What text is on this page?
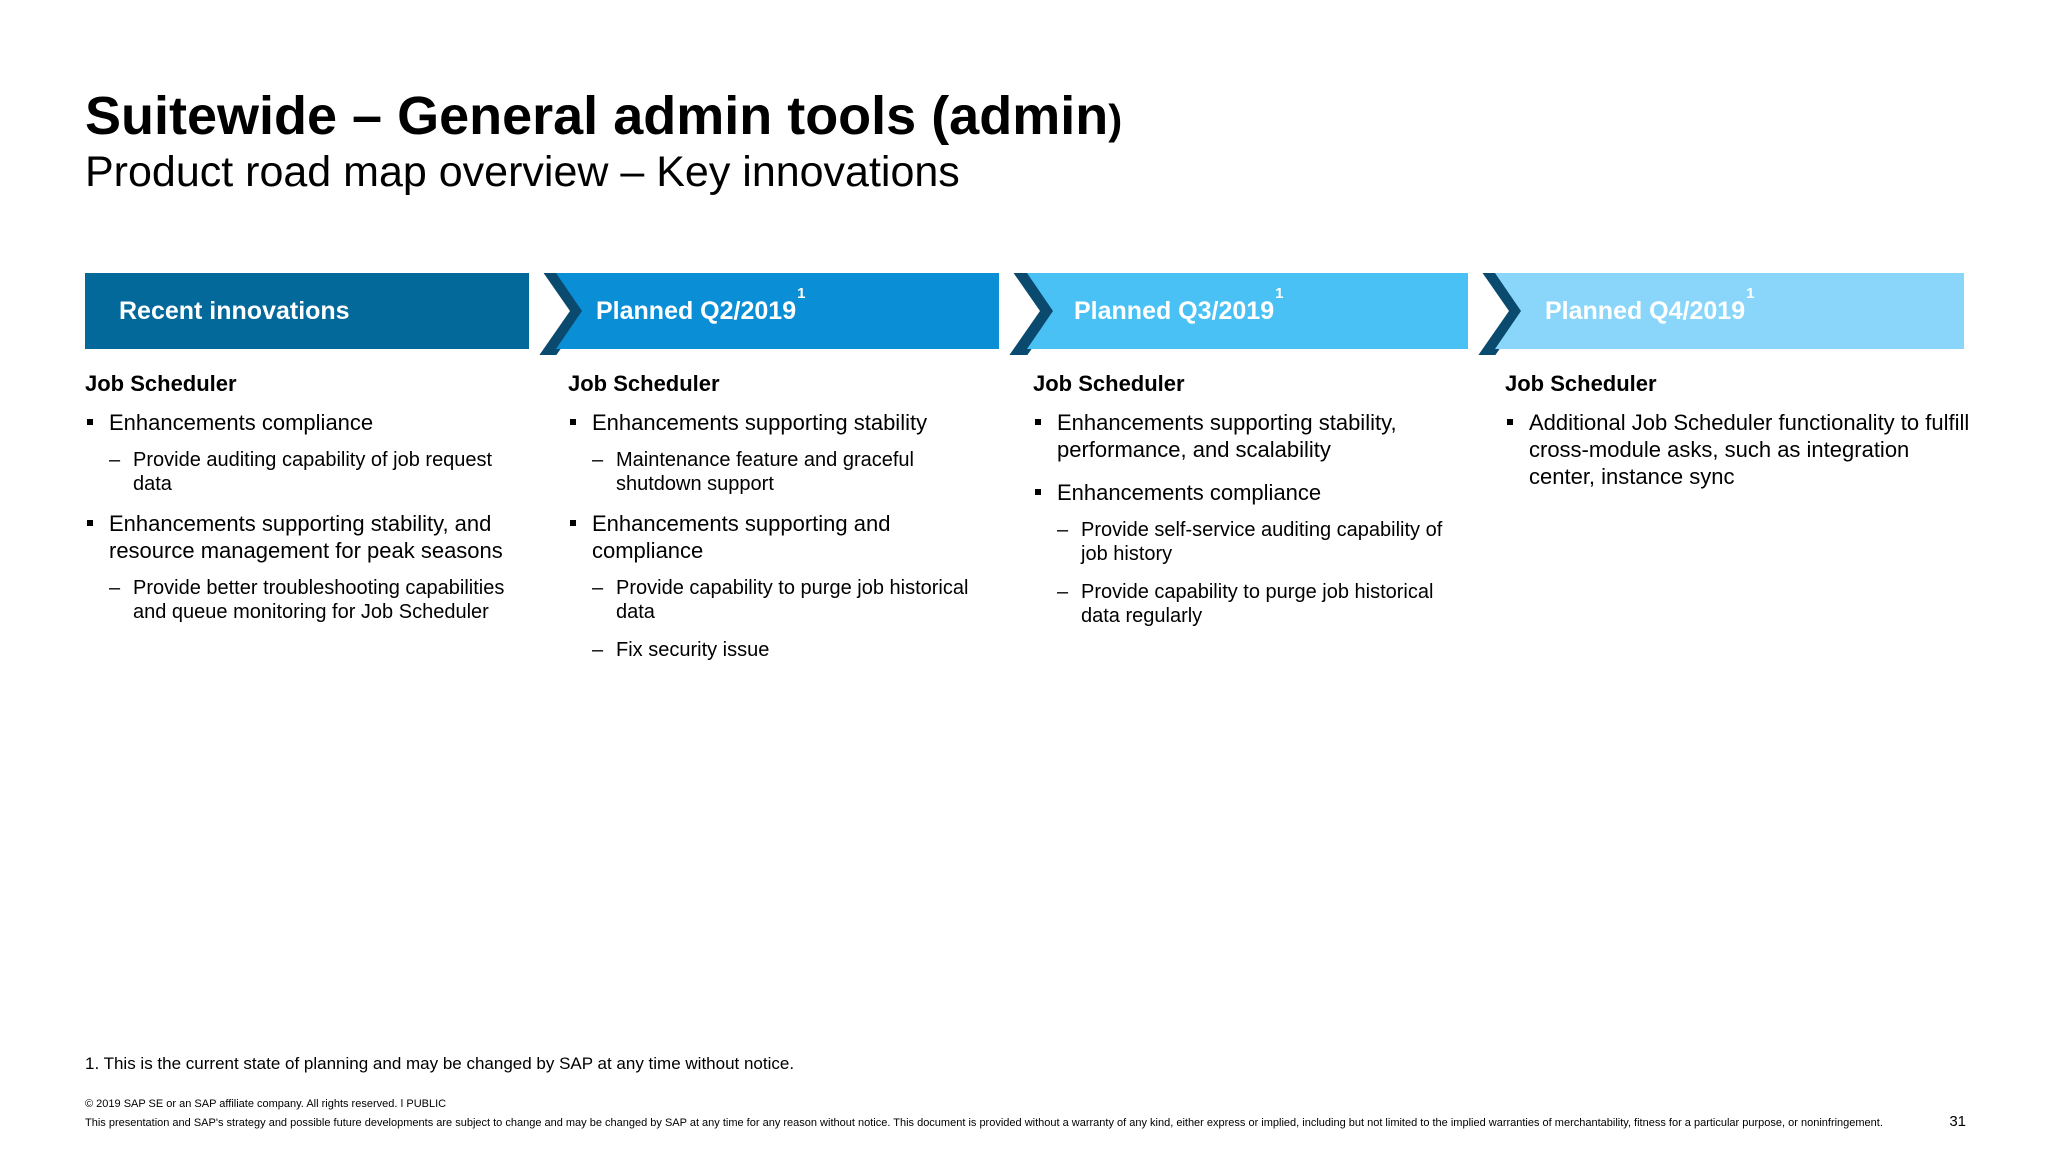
Suitewide – General admin tools (admin)
Product road map overview – Key innovations
Recent innovations	Planned Q2/2019$^1$
Planned Q3/2019$^1$
Planned Q4/2019$^1$
Job Scheduler
Enhancements compliance
– Provide auditing capability of job request data
Enhancements supporting stability, and resource management for peak seasons
– Provide better troubleshooting capabilities and queue monitoring for Job Scheduler
Job Scheduler
Enhancements supporting stability
– Maintenance feature and graceful shutdown support
Enhancements supporting and compliance
– Provide capability to purge job historical data
– Fix security issue
Job Scheduler
Enhancements supporting stability, performance, and scalability
Enhancements compliance
– Provide self-service auditing capability of job history
– Provide capability to purge job historical data regularly
Job Scheduler
Additional Job Scheduler functionality to fulfill cross-module asks, such as integration center, instance sync
1. This is the current state of planning and may be changed by SAP at any time without notice.
© 2019 SAP SE or an SAP affiliate company. All rights reserved. ǀ PUBLIC
This presentation and SAP's strategy and possible future developments are subject to change and may be changed by SAP at any time for any reason without notice. This document is provided without a warranty of any kind, either express or implied, including but not limited to the implied warranties of merchantability, fitness for a particular purpose, or noninfringement.	31
